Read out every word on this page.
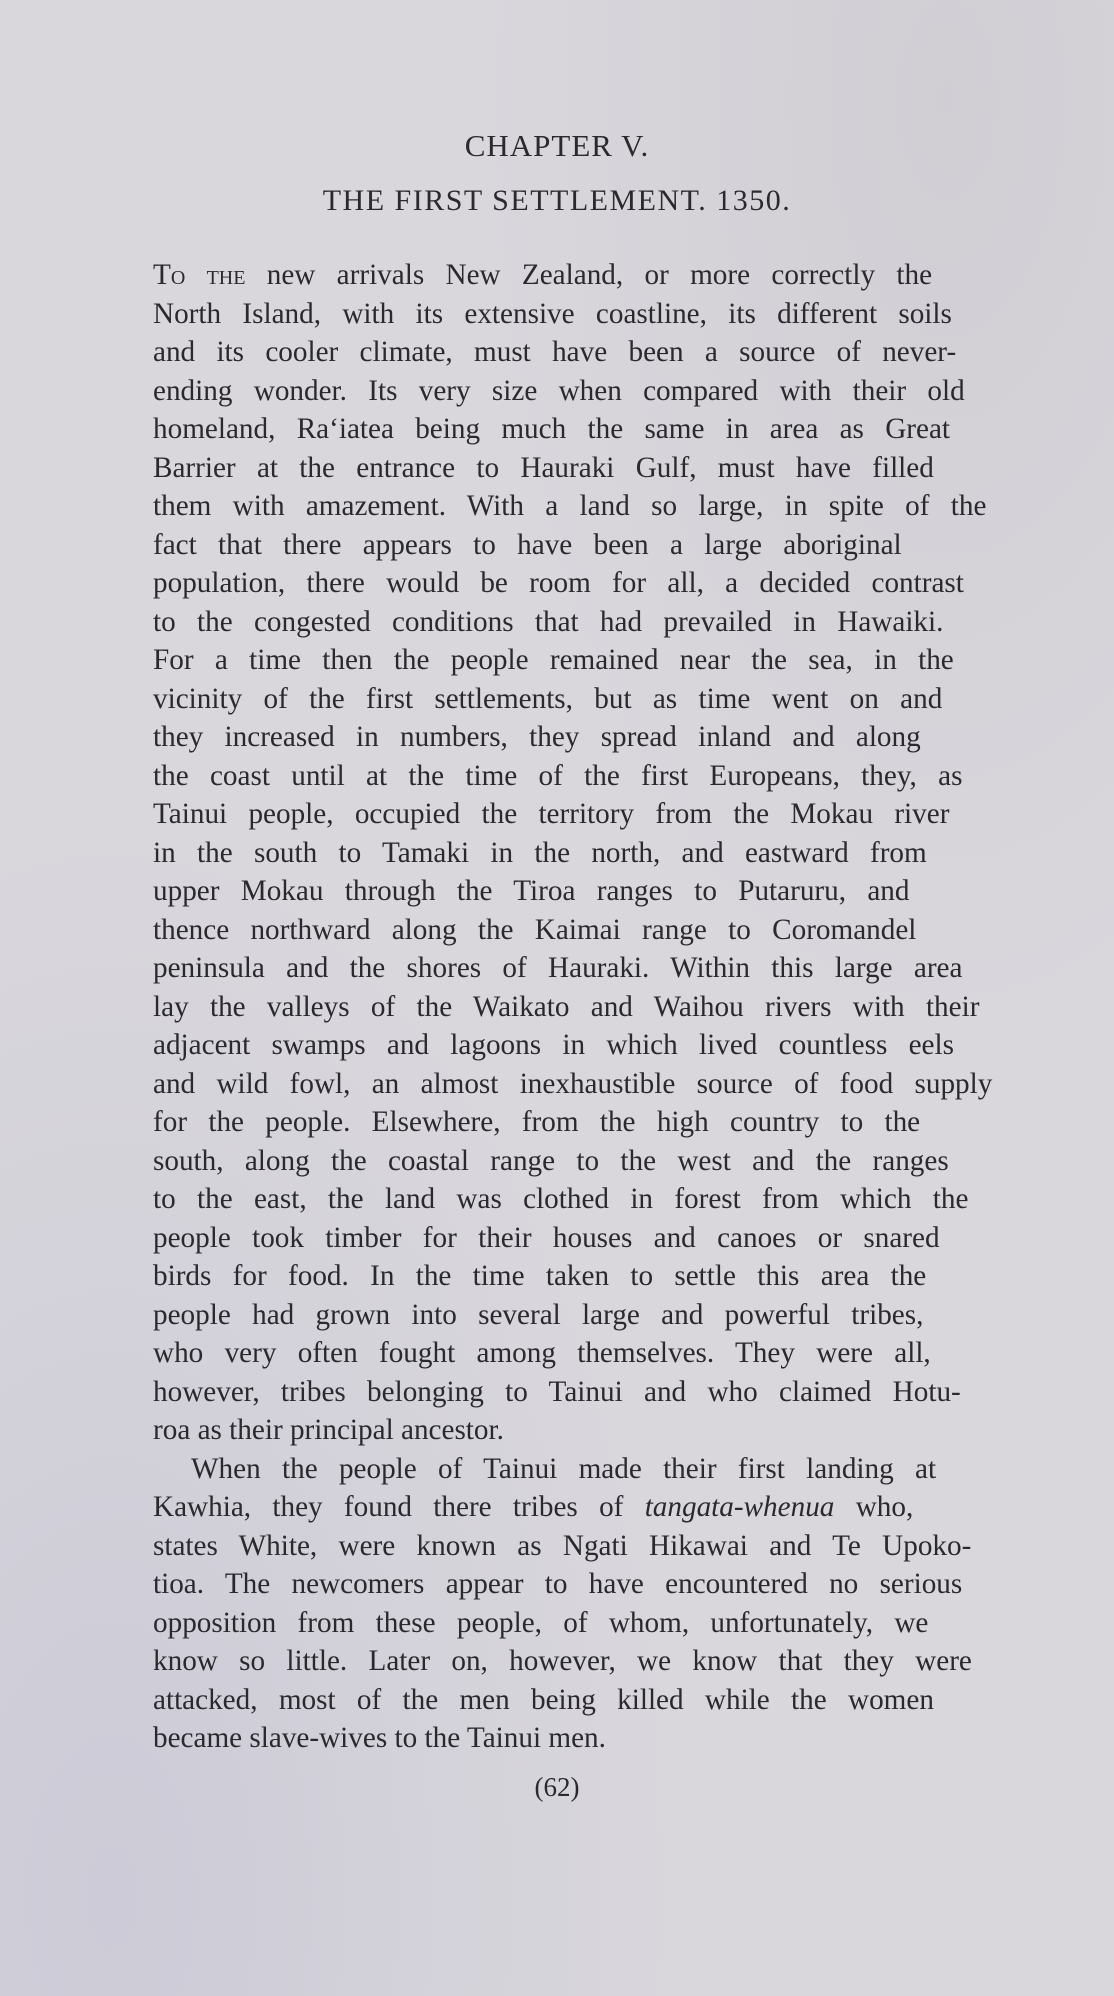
CHAPTER V.
THE FIRST SETTLEMENT. 1350.
To the new arrivals New Zealand, or more correctly the
North Island, with its extensive coastline, its different soils
and its cooler climate, must have been a source of never-
ending wonder. Its very size when compared with their old
homeland, Ra‘iatea being much the same in area as Great
Barrier at the entrance to Hauraki Gulf, must have filled
them with amazement. With a land so large, in spite of the
fact that there appears to have been a large aboriginal
population, there would be room for all, a decided contrast
to the congested conditions that had prevailed in Hawaiki.
For a time then the people remained near the sea, in the
vicinity of the first settlements, but as time went on and
they increased in numbers, they spread inland and along
the coast until at the time of the first Europeans, they, as
Tainui people, occupied the territory from the Mokau river
in the south to Tamaki in the north, and eastward from
upper Mokau through the Tiroa ranges to Putaruru, and
thence northward along the Kaimai range to Coromandel
peninsula and the shores of Hauraki. Within this large area
lay the valleys of the Waikato and Waihou rivers with their
adjacent swamps and lagoons in which lived countless eels
and wild fowl, an almost inexhaustible source of food supply
for the people. Elsewhere, from the high country to the
south, along the coastal range to the west and the ranges
to the east, the land was clothed in forest from which the
people took timber for their houses and canoes or snared
birds for food. In the time taken to settle this area the
people had grown into several large and powerful tribes,
who very often fought among themselves. They were all,
however, tribes belonging to Tainui and who claimed Hotu-
roa as their principal ancestor.
When the people of Tainui made their first landing at
Kawhia, they found there tribes of tangata-whenua who,
states White, were known as Ngati Hikawai and Te Upoko-
tioa. The newcomers appear to have encountered no serious
opposition from these people, of whom, unfortunately, we
know so little. Later on, however, we know that they were
attacked, most of the men being killed while the women
became slave-wives to the Tainui men.
(62)
